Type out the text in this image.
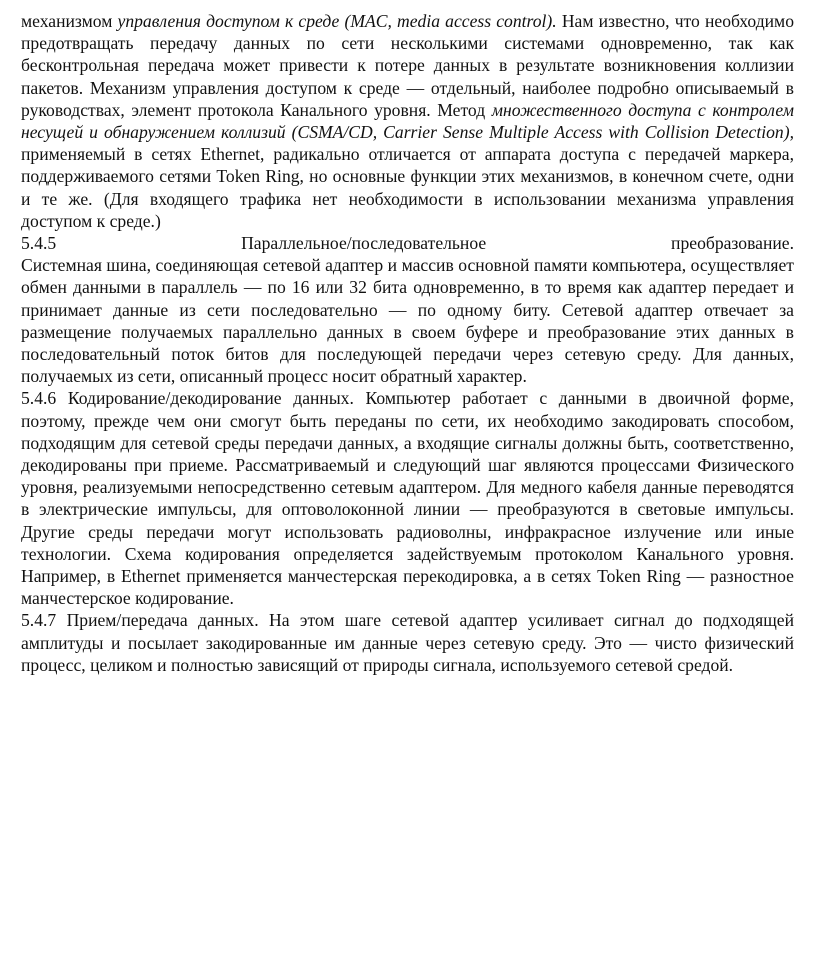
механизмом управления доступом к среде (MAC, media access control). Нам известно, что необходимо предотвращать передачу данных по сети несколькими системами одновременно, так как бесконтрольная передача может привести к потере данных в результате возникновения коллизии пакетов. Механизм управления доступом к среде — отдельный, наиболее подробно описываемый в руководствах, элемент протокола Канального уровня. Метод множественного доступа с контролем несущей и обнаружением коллизий (CSMA/CD, Carrier Sense Multiple Access with Collision Detection), применяемый в сетях Ethernet, радикально отличается от аппарата доступа с передачей маркера, поддерживаемого сетями Token Ring, но основные функции этих механизмов, в конечном счете, одни и те же. (Для входящего трафика нет необходимости в использовании механизма управления доступом к среде.)

5.4.5 Параллельное/последовательное преобразование.

Системная шина, соединяющая сетевой адаптер и массив основной памяти компьютера, осуществляет обмен данными в параллель — по 16 или 32 бита одновременно, в то время как адаптер передает и принимает данные из сети последовательно — по одному биту. Сетевой адаптер отвечает за размещение получаемых параллельно данных в своем буфере и преобразование этих данных в последовательный поток битов для последующей передачи через сетевую среду. Для данных, получаемых из сети, описанный процесс носит обратный характер.

5.4.6 Кодирование/декодирование данных. Компьютер работает с данными в двоичной форме, поэтому, прежде чем они смогут быть переданы по сети, их необходимо закодировать способом, подходящим для сетевой среды передачи данных, а входящие сигналы должны быть, соответственно, декодированы при приеме. Рассматриваемый и следующий шаг являются процессами Физического уровня, реализуемыми непосредственно сетевым адаптером. Для медного кабеля данные переводятся в электрические импульсы, для оптоволоконной линии — преобразуются в световые импульсы. Другие среды передачи могут использовать радиоволны, инфракрасное излучение или иные технологии. Схема кодирования определяется задействуемым протоколом Канального уровня. Например, в Ethernet применяется манчестерская перекодировка, а в сетях Token Ring — разностное манчестерское кодирование.

5.4.7 Прием/передача данных. На этом шаге сетевой адаптер усиливает сигнал до подходящей амплитуды и посылает закодированные им данные через сетевую среду. Это — чисто физический процесс, целиком и полностью зависящий от природы сигнала, используемого сетевой средой.
